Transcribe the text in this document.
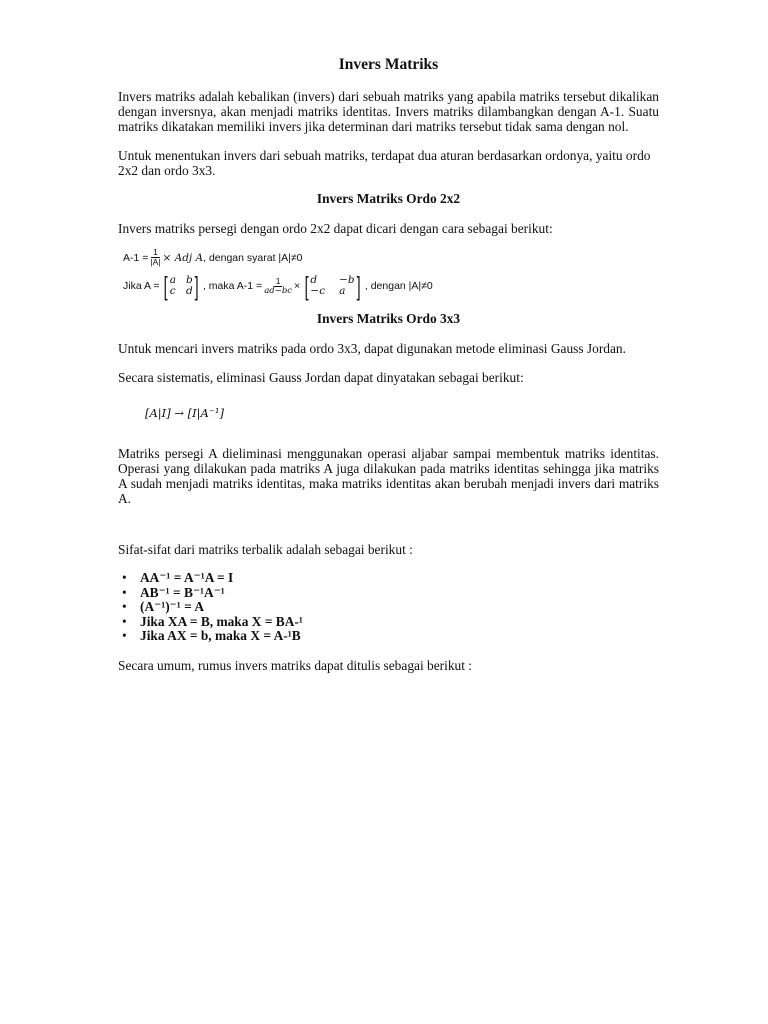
Invers Matriks

Invers matriks adalah kebalikan (invers) dari sebuah matriks yang apabila matriks tersebut dikalikan dengan inversnya, akan menjadi matriks identitas. Invers matriks dilambangkan dengan A-1. Suatu matriks dikatakan memiliki invers jika determinan dari matriks tersebut tidak sama dengan nol.

Untuk menentukan invers dari sebuah matriks, terdapat dua aturan berdasarkan ordonya, yaitu ordo 2x2 dan ordo 3x3.

Invers Matriks Ordo 2x2

Invers matriks persegi dengan ordo 2x2 dapat dicari dengan cara sebagai berikut:

$A-1 = \frac{1}{|A|}$ × Adj A , dengan syarat |A|≠0
Jika A = [ a b
c d ] , maka $A-1 = \frac{1}{ad-bc}$ × [ d	−b
−c a ] , dengan |A|≠0
Invers Matriks Ordo 3x3

Untuk mencari invers matriks pada ordo 3x3, dapat digunakan metode eliminasi Gauss Jordan.

Secara sistematis, eliminasi Gauss Jordan dapat dinyatakan sebagai berikut:

[A|I] → [I|A⁻¹]

Matriks persegi A dieliminasi menggunakan operasi aljabar sampai membentuk matriks identitas. Operasi yang dilakukan pada matriks A juga dilakukan pada matriks identitas sehingga jika matriks A sudah menjadi matriks identitas, maka matriks identitas akan berubah menjadi invers dari matriks A.

Sifat-sifat dari matriks terbalik adalah sebagai berikut :

• AA⁻¹ = A⁻¹A = I
• AB⁻¹ = B⁻¹A⁻¹
• (A⁻¹)⁻¹ = A
• Jika XA = B, maka X = BA-¹
• Jika AX = b, maka X = A-¹B

Secara umum, rumus invers matriks dapat ditulis sebagai berikut :
